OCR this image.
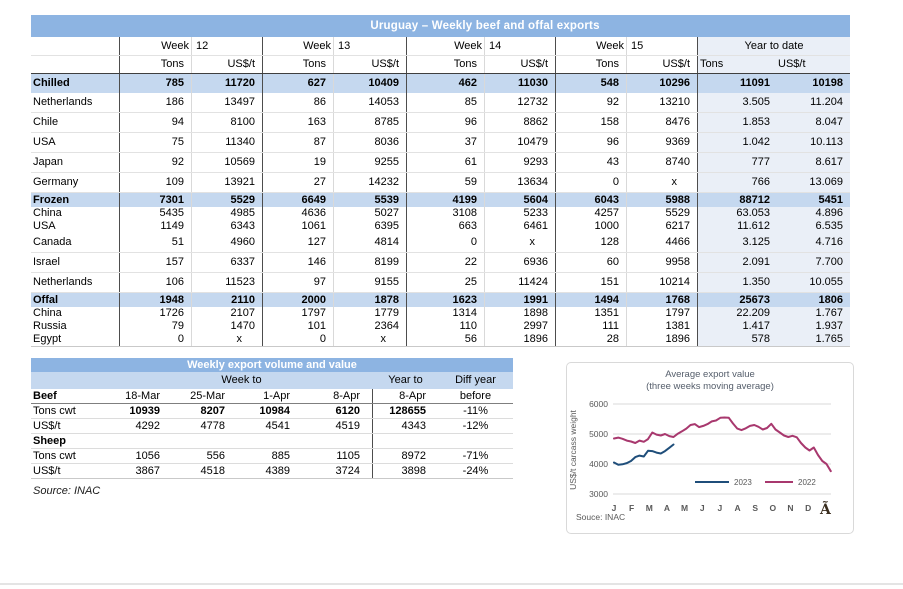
Uruguay – Weekly beef and offal exports
Week 12	Week 13	Week 14	Week 15	Year to date
Tons	US$/t	Tons	US$/t	Tons	US$/t	Tons	US$/t Tons	US$/t
Chilled	785	11720	627	10409	462	11030	548	10296	11091	10198
Netherlands	186	13497	86	14053	85	12732	92	13210	3.505	11.204
Chile	94	8100	163	8785	96	8862	158	8476	1.853	8.047
USA	75	11340	87	8036	37	10479	96	9369	1.042	10.113
Japan	92	10569	19	9255	61	9293	43	8740	777	8.617
Germany	109	13921	27	14232	59	13634	0	x	766	13.069
Frozen	7301	5529	6649	5539	4199	5604	6043	5988	88712	5451
China	5435	4985	4636	5027	3108	5233	4257	5529	63.053	4.896
USA	1149	6343	1061	6395	663	6461	1000	6217	11.612	6.535
Canada	51	4960	127	4814	0	x	128	4466	3.125	4.716
Israel	157	6337	146	8199	22	6936	60	9958	2.091	7.700
Netherlands	106	11523	97	9155	25	11424	151	10214	1.350	10.055
Offal	1948	2110	2000	1878	1623	1991	1494	1768	25673	1806
China	1726	2107	1797	1779	1314	1898	1351	1797	22.209	1.767
Russia	79	1470	101	2364	110	2997	111	1381	1.417	1.937
Egypt	0	x	0	x	56	1896	28	1896	578	1.765
Weekly export volume and value
Week to	Year to	Diff year
Beef	18-Mar	25-Mar	1-Apr	8-Apr	8-Apr	before
Tons cwt	10939	8207	10984	6120	128655	-11%
US$/t	4292	4778	4541	4519	4343	-12%
Sheep
Tons cwt	1056	556	885	1105	8972	-71%
US$/t	3867	4518	4389	3724	3898	-24%
Source: INAC
6000
5000
4000
3000
US$/t carcass weight
J F M A M J J A S O N D
2023	2022
Average export value
(three weeks moving average)
Souce: INAC	Ã
